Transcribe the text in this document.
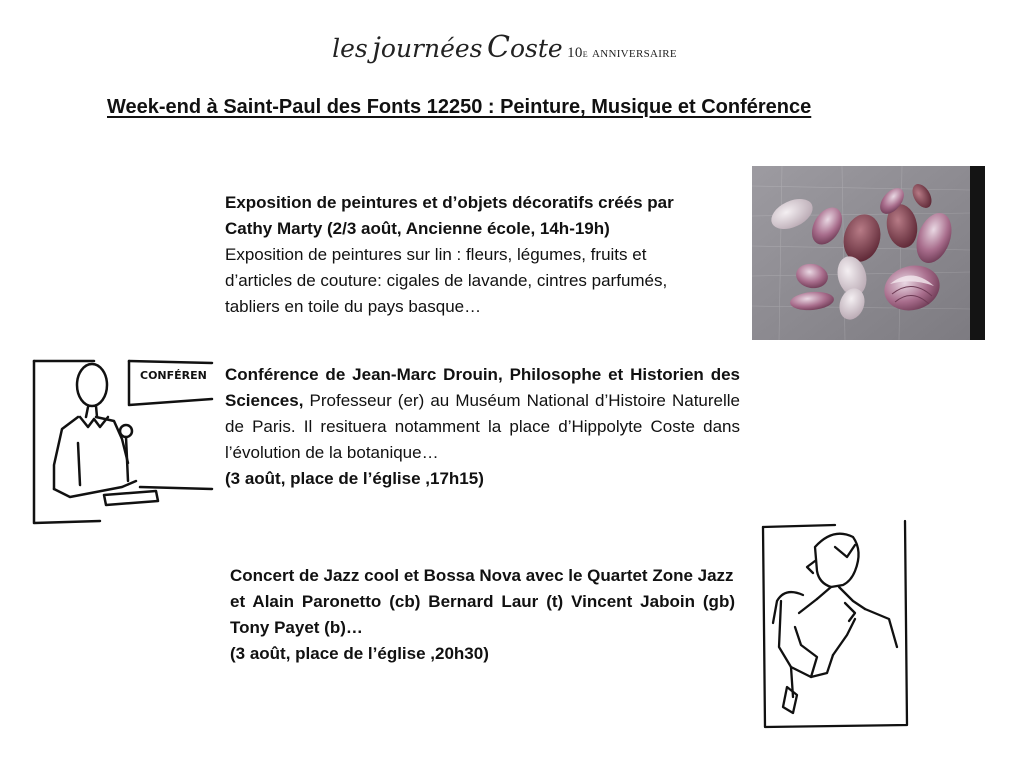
les journées Coste 10e anniversaire
Week-end à Saint-Paul des Fonts 12250 : Peinture, Musique et Conférence
Exposition de peintures et d’objets décoratifs créés par
Cathy Marty (2/3 août, Ancienne école, 14h-19h)
Exposition de peintures sur lin : fleurs, légumes, fruits et
d’articles de couture: cigales de lavande, cintres parfumés,
tabliers en toile du pays basque…
CONFÉREN Conférence de Jean-Marc Drouin, Philosophe et Historien des Sciences, Professeur (er) au Muséum National d’Histoire Naturelle de Paris. Il resituera notamment la place d’Hippolyte Coste dans l’évolution de la botanique…
(3 août, place de l’église ,17h15)
Concert de Jazz cool et Bossa Nova avec le Quartet Zone Jazz
et Alain Paronetto (cb) Bernard Laur (t) Vincent Jaboin (gb) Tony Payet (b)…
(3 août, place de l’église ,20h30)
